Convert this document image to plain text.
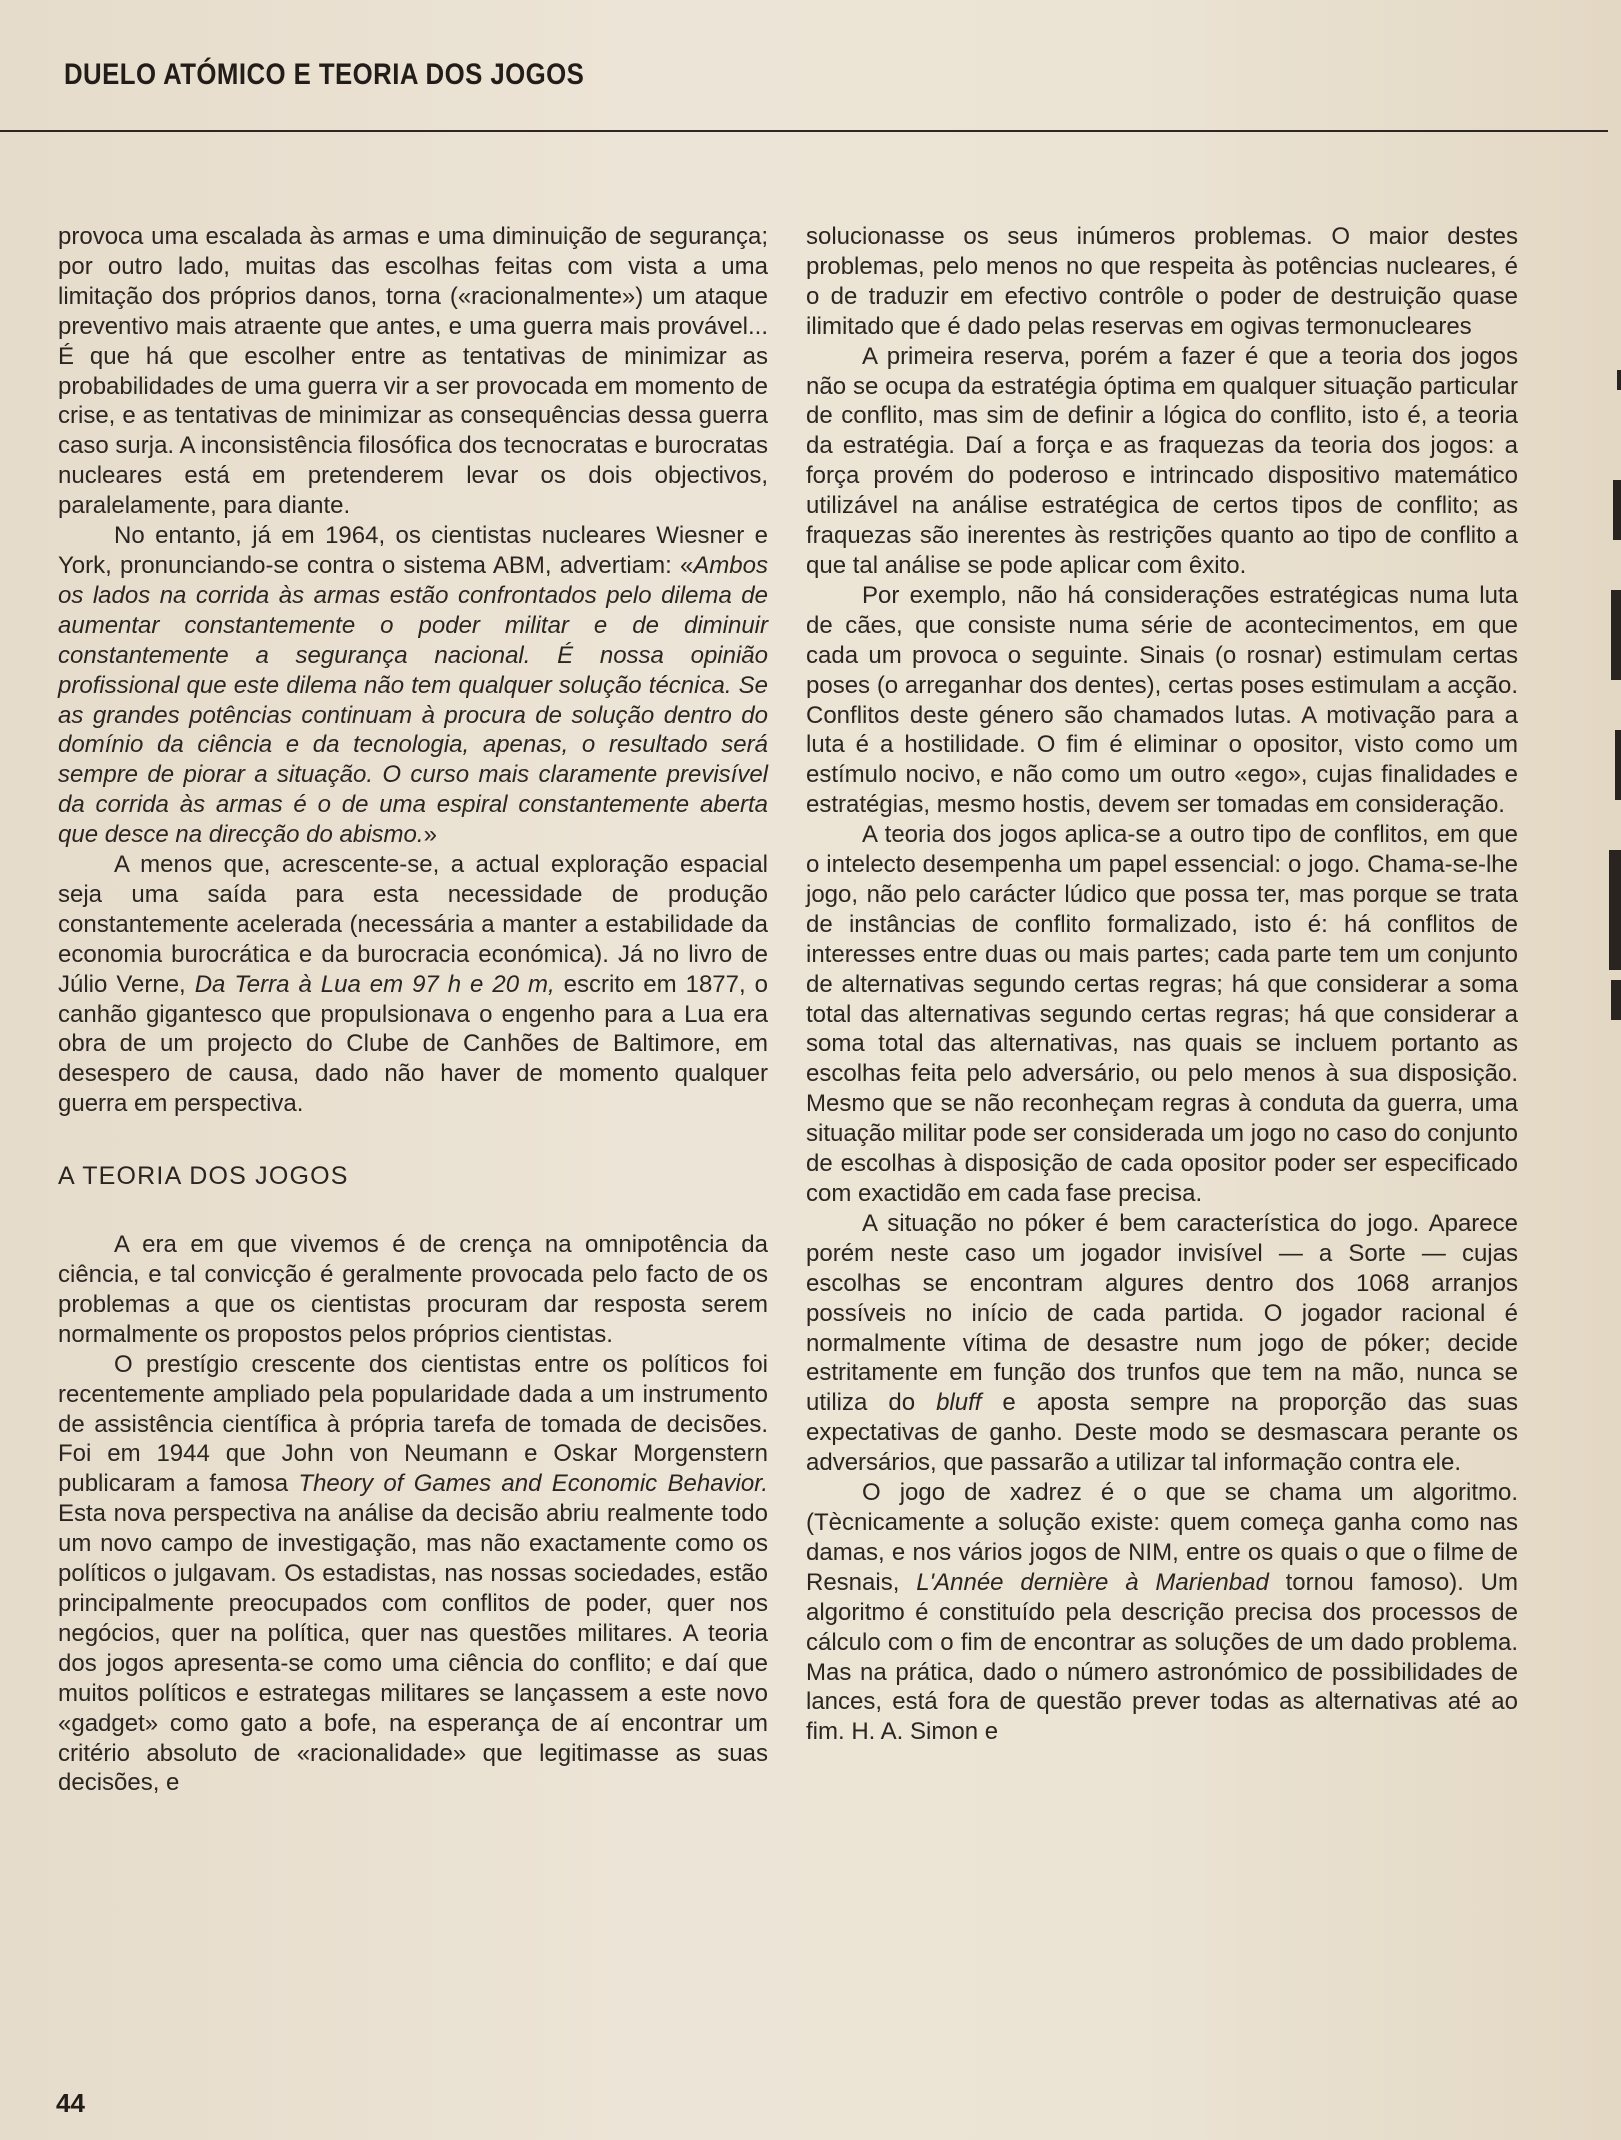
DUELO ATÓMICO E TEORIA DOS JOGOS

provoca uma escalada às armas e uma diminuição de segurança; por outro lado, muitas das escolhas feitas com vista a uma limitação dos próprios danos, torna («racionalmente») um ataque preventivo mais atraente que antes, e uma guerra mais provável... É que há que escolher entre as tentativas de minimizar as probabilidades de uma guerra vir a ser provocada em momento de crise, e as tentativas de minimizar as consequências dessa guerra caso surja. A inconsistência filosófica dos tecnocratas e burocratas nucleares está em pretenderem levar os dois objectivos, paralelamente, para diante.

No entanto, já em 1964, os cientistas nucleares Wiesner e York, pronunciando-se contra o sistema ABM, advertiam: «Ambos os lados na corrida às armas estão confrontados pelo dilema de aumentar constantemente o poder militar e de diminuir constantemente a segurança nacional. É nossa opinião profissional que este dilema não tem qualquer solução técnica. Se as grandes potências continuam à procura de solução dentro do domínio da ciência e da tecnologia, apenas, o resultado será sempre de piorar a situação. O curso mais claramente previsível da corrida às armas é o de uma espiral constantemente aberta que desce na direcção do abismo.»

A menos que, acrescente-se, a actual exploração espacial seja uma saída para esta necessidade de produção constantemente acelerada (necessária a manter a estabilidade da economia burocrática e da burocracia económica). Já no livro de Júlio Verne, Da Terra à Lua em 97 h e 20 m, escrito em 1877, o canhão gigantesco que propulsionava o engenho para a Lua era obra de um projecto do Clube de Canhões de Baltimore, em desespero de causa, dado não haver de momento qualquer guerra em perspectiva.

A TEORIA DOS JOGOS

A era em que vivemos é de crença na omnipotência da ciência, e tal convicção é geralmente provocada pelo facto de os problemas a que os cientistas procuram dar resposta serem normalmente os propostos pelos próprios cientistas.

O prestígio crescente dos cientistas entre os políticos foi recentemente ampliado pela popularidade dada a um instrumento de assistência científica à própria tarefa de tomada de decisões. Foi em 1944 que John von Neumann e Oskar Morgenstern publicaram a famosa Theory of Games and Economic Behavior. Esta nova perspectiva na análise da decisão abriu realmente todo um novo campo de investigação, mas não exactamente como os políticos o julgavam. Os estadistas, nas nossas sociedades, estão principalmente preocupados com conflitos de poder, quer nos negócios, quer na política, quer nas questões militares. A teoria dos jogos apresenta-se como uma ciência do conflito; e daí que muitos políticos e estrategas militares se lançassem a este novo «gadget» como gato a bofe, na esperança de aí encontrar um critério absoluto de «racionalidade» que legitimasse as suas decisões, e

solucionasse os seus inúmeros problemas. O maior destes problemas, pelo menos no que respeita às potências nucleares, é o de traduzir em efectivo contrôle o poder de destruição quase ilimitado que é dado pelas reservas em ogivas termonucleares

A primeira reserva, porém a fazer é que a teoria dos jogos não se ocupa da estratégia óptima em qualquer situação particular de conflito, mas sim de definir a lógica do conflito, isto é, a teoria da estratégia. Daí a força e as fraquezas da teoria dos jogos: a força provém do poderoso e intrincado dispositivo matemático utilizável na análise estratégica de certos tipos de conflito; as fraquezas são inerentes às restrições quanto ao tipo de conflito a que tal análise se pode aplicar com êxito.

Por exemplo, não há considerações estratégicas numa luta de cães, que consiste numa série de acontecimentos, em que cada um provoca o seguinte. Sinais (o rosnar) estimulam certas poses (o arreganhar dos dentes), certas poses estimulam a acção. Conflitos deste género são chamados lutas. A motivação para a luta é a hostilidade. O fim é eliminar o opositor, visto como um estímulo nocivo, e não como um outro «ego», cujas finalidades e estratégias, mesmo hostis, devem ser tomadas em consideração.

A teoria dos jogos aplica-se a outro tipo de conflitos, em que o intelecto desempenha um papel essencial: o jogo. Chama-se-lhe jogo, não pelo carácter lúdico que possa ter, mas porque se trata de instâncias de conflito formalizado, isto é: há conflitos de interesses entre duas ou mais partes; cada parte tem um conjunto de alternativas segundo certas regras; há que considerar a soma total das alternativas segundo certas regras; há que considerar a soma total das alternativas, nas quais se incluem portanto as escolhas feita pelo adversário, ou pelo menos à sua disposição. Mesmo que se não reconheçam regras à conduta da guerra, uma situação militar pode ser considerada um jogo no caso do conjunto de escolhas à disposição de cada opositor poder ser especificado com exactidão em cada fase precisa.

A situação no póker é bem característica do jogo. Aparece porém neste caso um jogador invisível — a Sorte — cujas escolhas se encontram algures dentro dos 1068 arranjos possíveis no início de cada partida. O jogador racional é normalmente vítima de desastre num jogo de póker; decide estritamente em função dos trunfos que tem na mão, nunca se utiliza do bluff e aposta sempre na proporção das suas expectativas de ganho. Deste modo se desmascara perante os adversários, que passarão a utilizar tal informação contra ele.

O jogo de xadrez é o que se chama um algoritmo. (Tècnicamente a solução existe: quem começa ganha como nas damas, e nos vários jogos de NIM, entre os quais o que o filme de Resnais, L'Année dernière à Marienbad tornou famoso). Um algoritmo é constituído pela descrição precisa dos processos de cálculo com o fim de encontrar as soluções de um dado problema. Mas na prática, dado o número astronómico de possibilidades de lances, está fora de questão prever todas as alternativas até ao fim. H. A. Simon e

44
